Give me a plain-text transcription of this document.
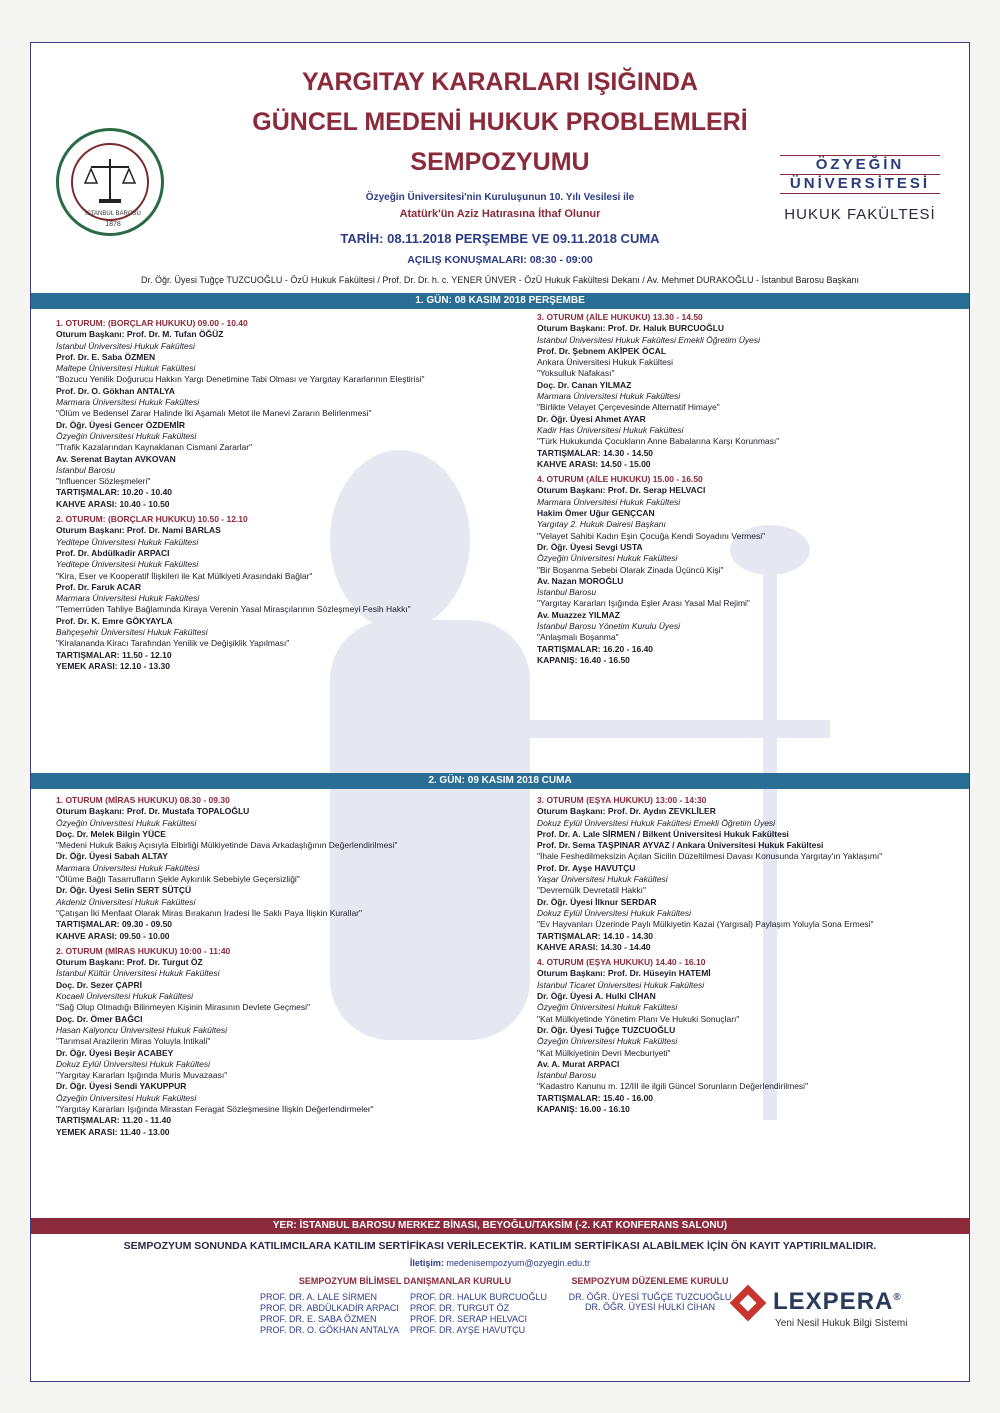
İSTANBUL BAROSU
1878
YARGITAY KARARLARI IŞIĞINDA
GÜNCEL MEDENİ HUKUK PROBLEMLERİ
SEMPOZYUMU	ÖZYEĞİN
ÜNİVERSİTESİ
HUKUK FAKÜLTESİ
Özyeğin Üniversitesi'nin Kuruluşunun 10. Yılı Vesilesi ile
Atatürk'ün Aziz Hatırasına İthaf Olunur
TARİH: 08.11.2018 PERŞEMBE VE 09.11.2018 CUMA
AÇILIŞ KONUŞMALARI: 08:30 - 09:00
Dr. Öğr. Üyesi Tuğçe TUZCUOĞLU - ÖzÜ Hukuk Fakültesi / Prof. Dr. Dr. h. c. YENER ÜNVER - ÖzÜ Hukuk Fakültesi Dekanı / Av. Mehmet DURAKOĞLU - İstanbul Barosu Başkanı
1. GÜN: 08 KASIM 2018 PERŞEMBE
2. GÜN: 09 KASIM 2018 CUMA
1. OTURUM: (BORÇLAR HUKUKU) 09.00 - 10.40
Oturum Başkanı: Prof. Dr. M. Tufan ÖĞÜZ
İstanbul Üniversitesi Hukuk Fakültesi
Prof. Dr. E. Saba ÖZMEN
Maltepe Üniversitesi Hukuk Fakültesi
"Bozucu Yenilik Doğurucu Hakkın Yargı Denetimine Tabi Olması ve Yargıtay Kararlarının Eleştirisi"
Prof. Dr. O. Gökhan ANTALYA
Marmara Üniversitesi Hukuk Fakültesi
"Ölüm ve Bedensel Zarar Halinde İki Aşamalı Metot ile Manevi Zararın Belirlenmesi"
Dr. Öğr. Üyesi Gencer ÖZDEMİR
Özyeğin Üniversitesi Hukuk Fakültesi
"Trafik Kazalarından Kaynaklanan Cismani Zararlar"
Av. Serenat Baytan AVKOVAN
İstanbul Barosu
"Influencer Sözleşmeleri"
TARTIŞMALAR: 10.20 - 10.40
KAHVE ARASI: 10.40 - 10.50
2. OTURUM: (BORÇLAR HUKUKU) 10.50 - 12.10
Oturum Başkanı: Prof. Dr. Nami BARLAS
Yeditepe Üniversitesi Hukuk Fakültesi
Prof. Dr. Abdülkadir ARPACI
Yeditepe Üniversitesi Hukuk Fakültesi
"Kira, Eser ve Kooperatif İlişkileri ile Kat Mülkiyeti Arasındaki Bağlar"
Prof. Dr. Faruk ACAR
Marmara Üniversitesi Hukuk Fakültesi
"Temerrüden Tahliye Bağlamında Kiraya Verenin Yasal Mirasçılarının Sözleşmeyi Fesih Hakkı"
Prof. Dr. K. Emre GÖKYAYLA
Bahçeşehir Üniversitesi Hukuk Fakültesi
"Kiralananda Kiracı Tarafından Yenilik ve Değişiklik Yapılması"
TARTIŞMALAR: 11.50 - 12.10
YEMEK ARASI: 12.10 - 13.30
3. OTURUM (AİLE HUKUKU) 13.30 - 14.50
Oturum Başkanı: Prof. Dr. Haluk BURCUOĞLU
İstanbul Üniversitesi Hukuk Fakültesi Emekli Öğretim Üyesi
Prof. Dr. Şebnem AKİPEK ÖCAL
Ankara Üniversitesi Hukuk Fakültesi
"Yoksulluk Nafakası"
Doç. Dr. Canan YILMAZ
Marmara Üniversitesi Hukuk Fakültesi
"Birlikte Velayet Çerçevesinde Alternatif Himaye"
Dr. Öğr. Üyesi Ahmet AYAR
Kadir Has Üniversitesi Hukuk Fakültesi
"Türk Hukukunda Çocukların Anne Babalarına Karşı Korunması"
TARTIŞMALAR: 14.30 - 14.50
KAHVE ARASI: 14.50 - 15.00
4. OTURUM (AİLE HUKUKU) 15.00 - 16.50
Oturum Başkanı: Prof. Dr. Serap HELVACI
Marmara Üniversitesi Hukuk Fakültesi
Hakim Ömer Uğur GENÇCAN
Yargıtay 2. Hukuk Dairesi Başkanı
"Velayet Sahibi Kadın Eşin Çocuğa Kendi Soyadını Vermesi"
Dr. Öğr. Üyesi Sevgi USTA
Özyeğin Üniversitesi Hukuk Fakültesi
"Bir Boşanma Sebebi Olarak Zinada Üçüncü Kişi"
Av. Nazan MOROĞLU
İstanbul Barosu
"Yargıtay Kararları Işığında Eşler Arası Yasal Mal Rejimi"
Av. Muazzez YILMAZ
İstanbul Barosu Yönetim Kurulu Üyesi
"Anlaşmalı Boşanma"
TARTIŞMALAR: 16.20 - 16.40
KAPANIŞ: 16.40 - 16.50
1. OTURUM (MİRAS HUKUKU) 08.30 - 09.30
Oturum Başkanı: Prof. Dr. Mustafa TOPALOĞLU
Özyeğin Üniversitesi Hukuk Fakültesi
Doç. Dr. Melek Bilgin YÜCE
"Medeni Hukuk Bakış Açısıyla Elbirliği Mülkiyetinde Dava Arkadaşlığının Değerlendirilmesi"
Dr. Öğr. Üyesi Sabah ALTAY
Marmara Üniversitesi Hukuk Fakültesi
"Ölüme Bağlı Tasarrufların Şekle Aykırılık Sebebiyle Geçersizliği"
Dr. Öğr. Üyesi Selin SERT SÜTÇÜ
Akdeniz Üniversitesi Hukuk Fakültesi
"Çatışan İki Menfaat Olarak Miras Bırakanın İradesi İle Saklı Paya İlişkin Kurallar"
TARTIŞMALAR: 09.30 - 09.50
KAHVE ARASI: 09.50 - 10.00
2. OTURUM (MİRAS HUKUKU) 10:00 - 11:40
Oturum Başkanı: Prof. Dr. Turgut ÖZ
İstanbul Kültür Üniversitesi Hukuk Fakültesi
Doç. Dr. Sezer ÇAPRİ
Kocaeli Üniversitesi Hukuk Fakültesi
"Sağ Olup Olmadığı Bilinmeyen Kişinin Mirasının Devlete Geçmesi"
Doç. Dr. Ömer BAĞCI
Hasan Kalyoncu Üniversitesi Hukuk Fakültesi
"Tarımsal Arazilerin Miras Yoluyla İntikali"
Dr. Öğr. Üyesi Beşir ACABEY
Dokuz Eylül Üniversitesi Hukuk Fakültesi
"Yargıtay Kararları Işığında Muris Muvazaası"
Dr. Öğr. Üyesi Sendi YAKUPPUR
Özyeğin Üniversitesi Hukuk Fakültesi
"Yargıtay Kararları Işığında Mirastan Feragat Sözleşmesine İlişkin Değerlendirmeler"
TARTIŞMALAR: 11.20 - 11.40
YEMEK ARASI: 11.40 - 13.00
3. OTURUM (EŞYA HUKUKU) 13:00 - 14:30
Oturum Başkanı: Prof. Dr. Aydın ZEVKLİLER
Dokuz Eylül Üniversitesi Hukuk Fakültesi Emekli Öğretim Üyesi
Prof. Dr. A. Lale SİRMEN / Bilkent Üniversitesi Hukuk Fakültesi
Prof. Dr. Sema TAŞPINAR AYVAZ / Ankara Üniversitesi Hukuk Fakültesi
"İhale Feshedilmeksizin Açılan Sicilin Düzeltilmesi Davası Konusunda Yargıtay'ın Yaklaşımı"
Prof. Dr. Ayşe HAVUTÇU
Yaşar Üniversitesi Hukuk Fakültesi
"Devremülk Devretatil Hakkı"
Dr. Öğr. Üyesi İlknur SERDAR
Dokuz Eylül Üniversitesi Hukuk Fakültesi
"Ev Hayvanları Üzerinde Paylı Mülkiyetin Kazai (Yargısal) Paylaşım Yoluyla Sona Ermesi"
TARTIŞMALAR: 14.10 - 14.30
KAHVE ARASI: 14.30 - 14.40
4. OTURUM (EŞYA HUKUKU) 14.40 - 16.10
Oturum Başkanı: Prof. Dr. Hüseyin HATEMİ
İstanbul Ticaret Üniversitesi Hukuk Fakültesi
Dr. Öğr. Üyesi A. Hulki CİHAN
Özyeğin Üniversitesi Hukuk Fakültesi
"Kat Mülkiyetinde Yönetim Planı Ve Hukuki Sonuçları"
Dr. Öğr. Üyesi Tuğçe TUZCUOĞLU
Özyeğin Üniversitesi Hukuk Fakültesi
"Kat Mülkiyetinin Devri Mecburiyeti"
Av. A. Murat ARPACI
İstanbul Barosu
"Kadastro Kanunu m. 12/III ile ilgili Güncel Sorunların Değerlendirilmesi"
TARTIŞMALAR: 15.40 - 16.00
KAPANIŞ: 16.00 - 16.10
YER: İSTANBUL BAROSU MERKEZ BİNASI, BEYOĞLU/TAKSİM (-2. KAT KONFERANS SALONU)
SEMPOZYUM SONUNDA KATILIMCILARA KATILIM SERTİFİKASI VERİLECEKTİR. KATILIM SERTİFİKASI ALABİLMEK İÇİN ÖN KAYIT YAPTIRILMALIDIR.
İletişim: medenisempozyum@ozyegin.edu.tr
SEMPOZYUM BİLİMSEL DANIŞMANLAR KURULU
PROF. DR. A. LALE SİRMEN	PROF. DR. HALUK BURCUOĞLU
PROF. DR. ABDÜLKADİR ARPACI	PROF. DR. TURGUT ÖZ
PROF. DR. E. SABA ÖZMEN	PROF. DR. SERAP HELVACI
PROF. DR. O. GÖKHAN ANTALYA	PROF. DR. AYŞE HAVUTÇU
SEMPOZYUM DÜZENLEME KURULU
DR. ÖĞR. ÜYESİ TUĞÇE TUZCUOĞLU
DR. ÖĞR. ÜYESİ HULKİ CİHAN	LEXPERA®
Yeni Nesil Hukuk Bilgi Sistemi
